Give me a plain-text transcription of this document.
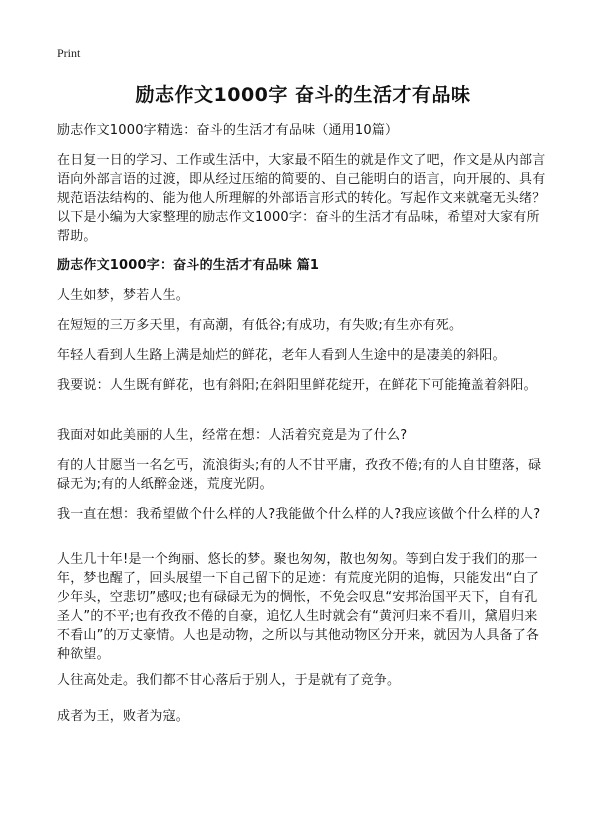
Print
励志作文1000字 奋斗的生活才有品味

励志作文1000字精选：奋斗的生活才有品味（通用10篇）

在日复一日的学习、工作或生活中，大家最不陌生的就是作文了吧，作文是从内部言语向外部言语的过渡，即从经过压缩的简要的、自己能明白的语言，向开展的、具有规范语法结构的、能为他人所理解的外部语言形式的转化。写起作文来就毫无头绪？以下是小编为大家整理的励志作文1000字：奋斗的生活才有品味，希望对大家有所帮助。

励志作文1000字：奋斗的生活才有品味 篇1

人生如梦，梦若人生。

在短短的三万多天里，有高潮，有低谷;有成功，有失败;有生亦有死。

年轻人看到人生路上满是灿烂的鲜花，老年人看到人生途中的是凄美的斜阳。

我要说：人生既有鲜花，也有斜阳;在斜阳里鲜花绽开，在鲜花下可能掩盖着斜阳。

我面对如此美丽的人生，经常在想：人活着究竟是为了什么?

有的人甘愿当一名乞丐，流浪街头;有的人不甘平庸，孜孜不倦;有的人自甘堕落，碌碌无为;有的人纸醉金迷，荒度光阴。

我一直在想：我希望做个什么样的人?我能做个什么样的人?我应该做个什么样的人?

人生几十年!是一个绚丽、悠长的梦。聚也匆匆，散也匆匆。等到白发于我们的那一年，梦也醒了，回头展望一下自己留下的足迹：有荒度光阴的追悔，只能发出“白了少年头，空悲切”感叹;也有碌碌无为的惆怅，不免会叹息“安邦治国平天下，自有孔圣人”的不平;也有孜孜不倦的自豪，追忆人生时就会有“黄河归来不看川，黛眉归来不看山”的万丈豪情。人也是动物，之所以与其他动物区分开来，就因为人具备了各种欲望。

人往高处走。我们都不甘心落后于别人，于是就有了竞争。

成者为王，败者为寇。
